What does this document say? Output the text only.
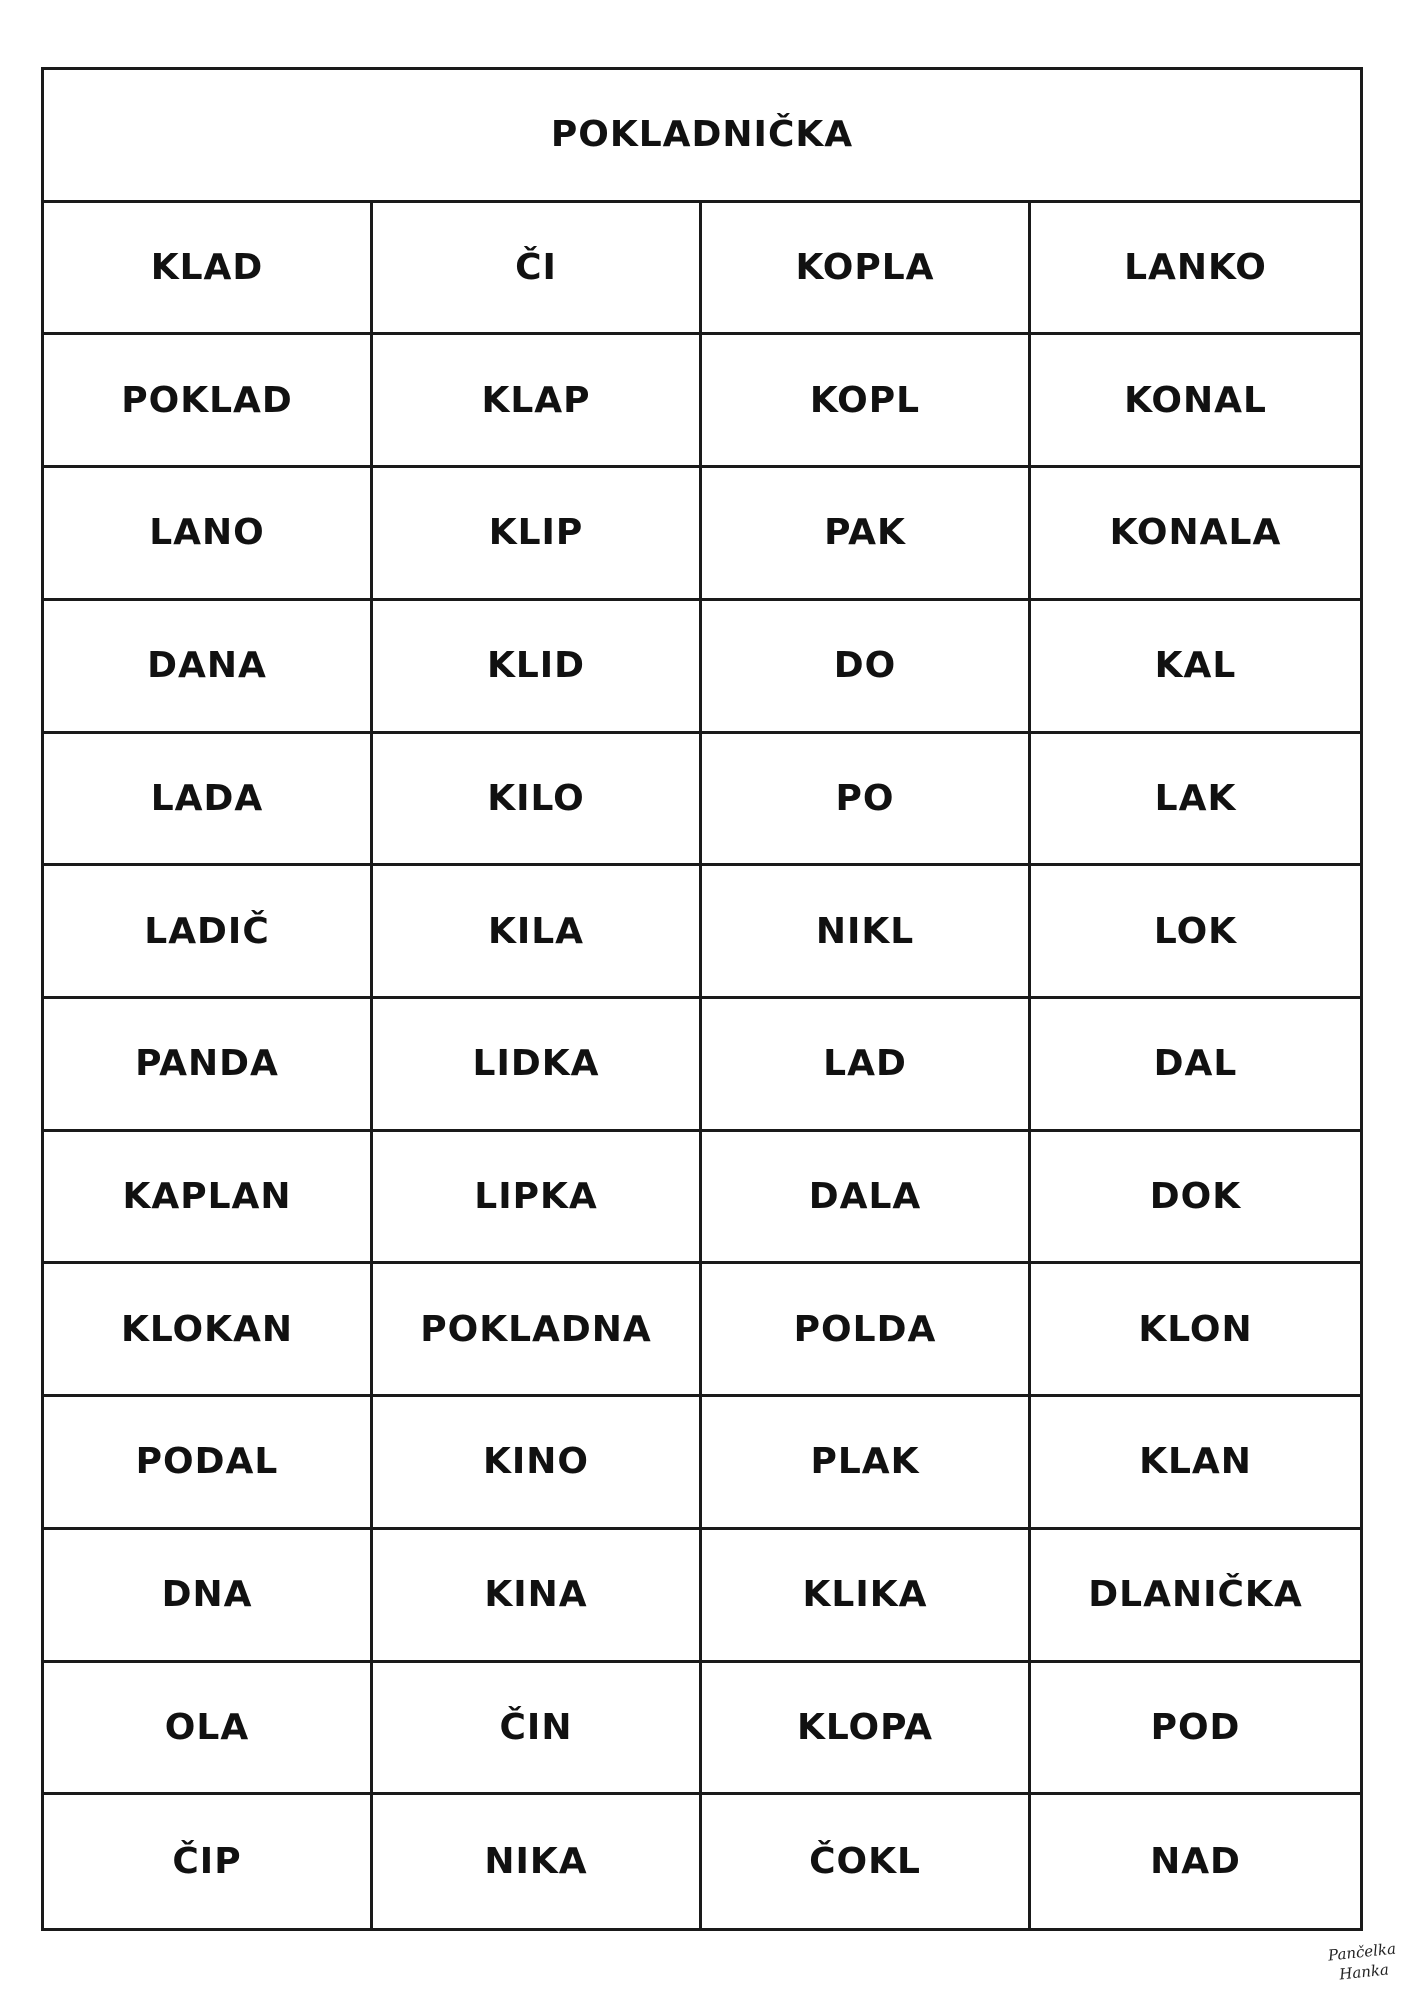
POKLADNIČKA
KLAD	ČI	KOPLA	LANKO
POKLAD	KLAP	KOPL	KONAL
LANO	KLIP	PAK	KONALA
DANA	KLID	DO	KAL
LADA	KILO	PO	LAK
LADIČ	KILA	NIKL	LOK
PANDA	LIDKA	LAD	DAL
KAPLAN	LIPKA	DALA	DOK
KLOKAN	POKLADNA	POLDA	KLON
PODAL	KINO	PLAK	KLAN
DNA	KINA	KLIKA	DLANIČKA
OLA	ČIN	KLOPA	POD
ČIP	NIKA	ČOKL	NAD
Pančelka
Hanka
